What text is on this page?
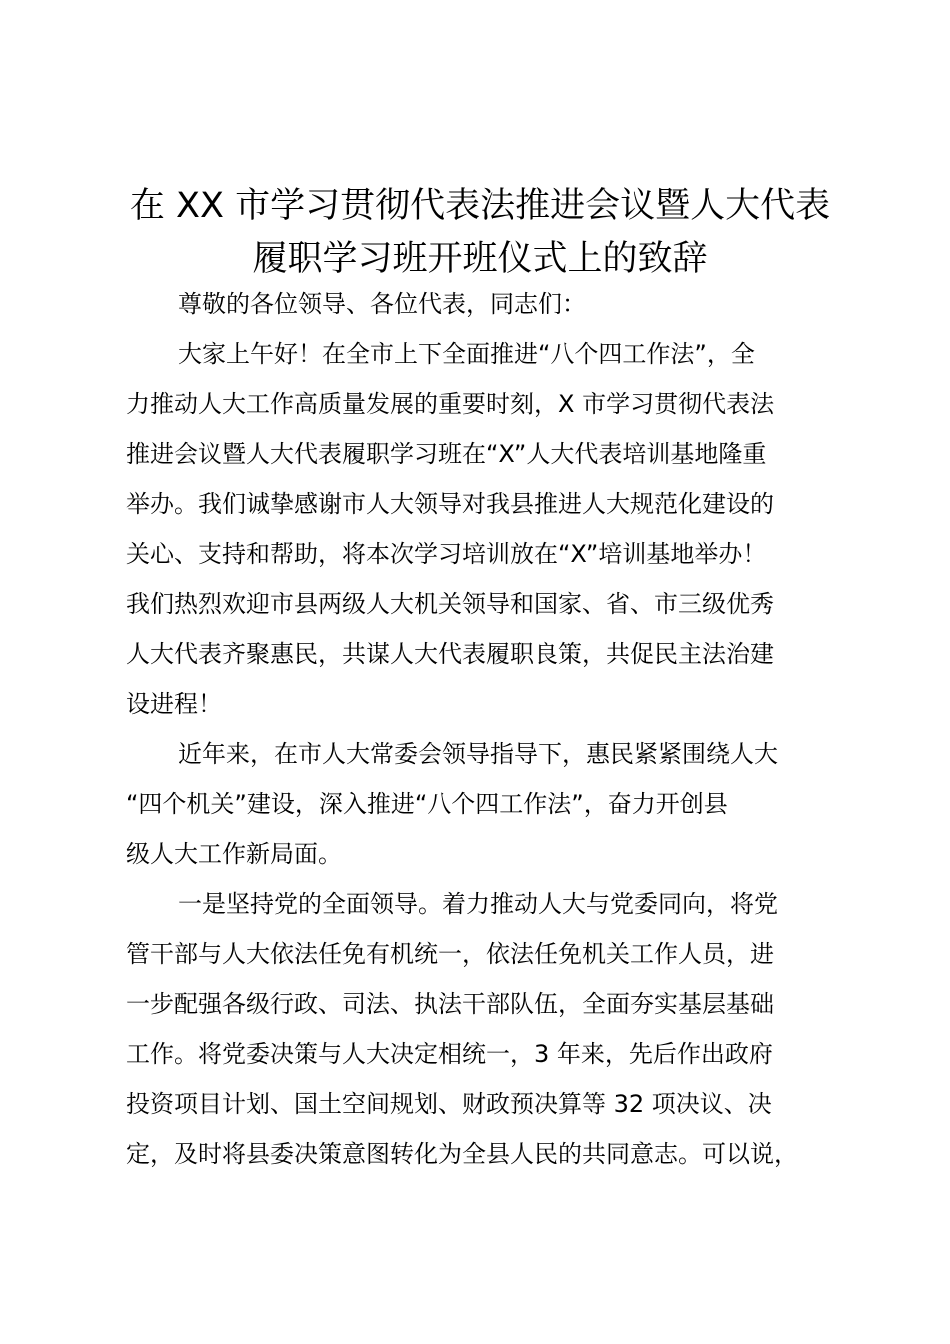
在 XX 市学习贯彻代表法推进会议暨人大代表
履职学习班开班仪式上的致辞

尊敬的各位领导、各位代表，同志们：

大家上午好！在全市上下全面推进“八个四工作法”，全

力推动人大工作高质量发展的重要时刻，X 市学习贯彻代表法

推进会议暨人大代表履职学习班在“X”人大代表培训基地隆重

举办。我们诚挚感谢市人大领导对我县推进人大规范化建设的

关心、支持和帮助，将本次学习培训放在“X”培训基地举办！

我们热烈欢迎市县两级人大机关领导和国家、省、市三级优秀

人大代表齐聚惠民，共谋人大代表履职良策，共促民主法治建

设进程！

近年来，在市人大常委会领导指导下，惠民紧紧围绕人大

“四个机关”建设，深入推进“八个四工作法”，奋力开创县

级人大工作新局面。

一是坚持党的全面领导。着力推动人大与党委同向，将党

管干部与人大依法任免有机统一，依法任免机关工作人员，进

一步配强各级行政、司法、执法干部队伍，全面夯实基层基础

工作。将党委决策与人大决定相统一，3 年来，先后作出政府

投资项目计划、国土空间规划、财政预决算等 32 项决议、决

定，及时将县委决策意图转化为全县人民的共同意志。可以说，
